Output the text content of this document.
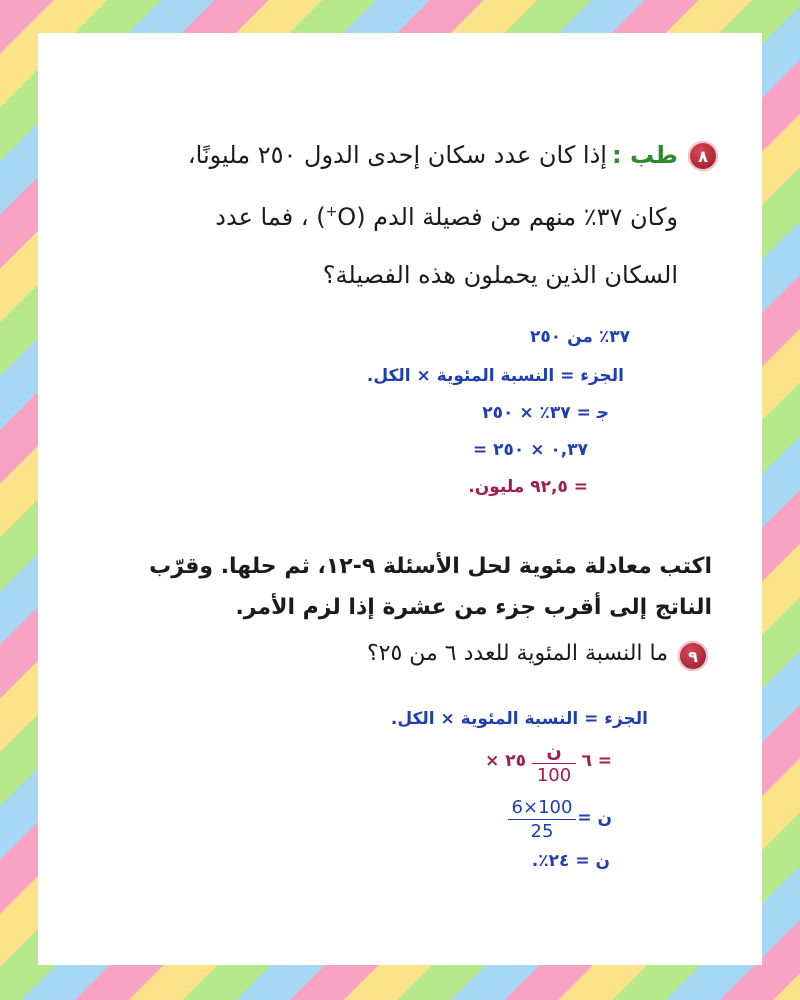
٨
طب : إذا كان عدد سكان إحدى الدول ٢٥٠ مليونًا،
وكان ٣٧٪ منهم من فصيلة الدم (O+) ، فما عدد
السكان الذين يحملون هذه الفصيلة؟
٣٧٪ من ٢٥٠
الجزء = النسبة المئوية × الكل.
ﺟ = ٣٧٪ × ٢٥٠
= ٠,٣٧ × ٢٥٠
= ٩٢,٥ مليون.
اكتب معادلة مئوية لحل الأسئلة ٩-١٢، ثم حلها. وقرّب
الناتج إلى أقرب جزء من عشرة إذا لزم الأمر.
٩
ما النسبة المئوية للعدد ٦ من ٢٥؟
الجزء = النسبة المئوية × الكل.
٦ =
ن
100
× ٢٥
ن =
6×100
25
ن = ٢٤٪.
